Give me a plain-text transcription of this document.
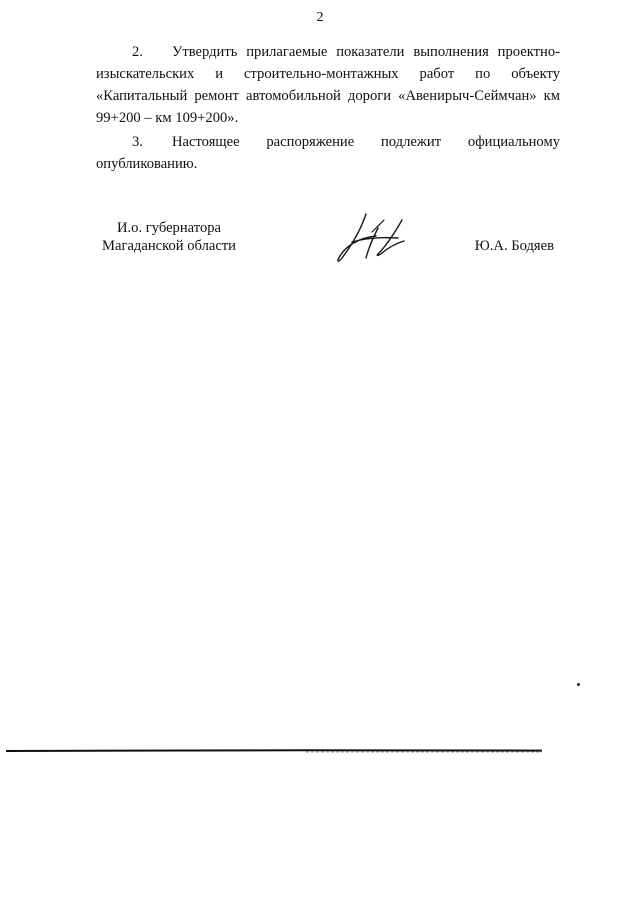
2
2. Утвердить прилагаемые показатели выполнения проектно-изыскательских и строительно-монтажных работ по объекту «Капитальный ремонт автомобильной дороги «Авенирыч-Сеймчан» км 99+200 – км 109+200».
3. Настоящее распоряжение подлежит официальному опубликованию.
И.о. губернатора
Магаданской области	Ю.А. Бодяев
